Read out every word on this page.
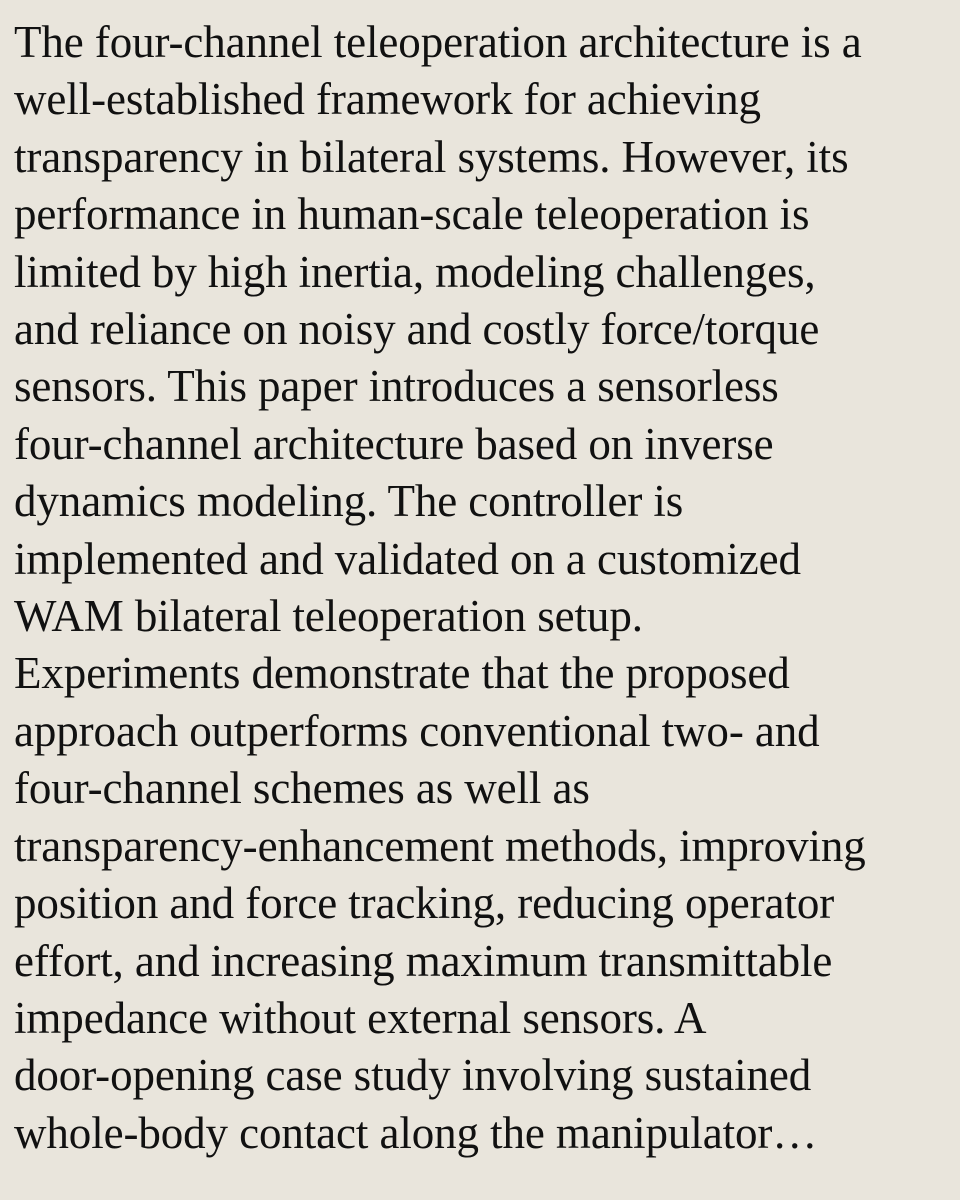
The four-channel teleoperation architecture is a
well-established framework for achieving
transparency in bilateral systems. However, its
performance in human-scale teleoperation is
limited by high inertia, modeling challenges,
and reliance on noisy and costly force/torque
sensors. This paper introduces a sensorless
four-channel architecture based on inverse
dynamics modeling. The controller is
implemented and validated on a customized
WAM bilateral teleoperation setup.
Experiments demonstrate that the proposed
approach outperforms conventional two- and
four-channel schemes as well as
transparency-enhancement methods, improving
position and force tracking, reducing operator
effort, and increasing maximum transmittable
impedance without external sensors. A
door-opening case study involving sustained
whole-body contact along the manipulator…
